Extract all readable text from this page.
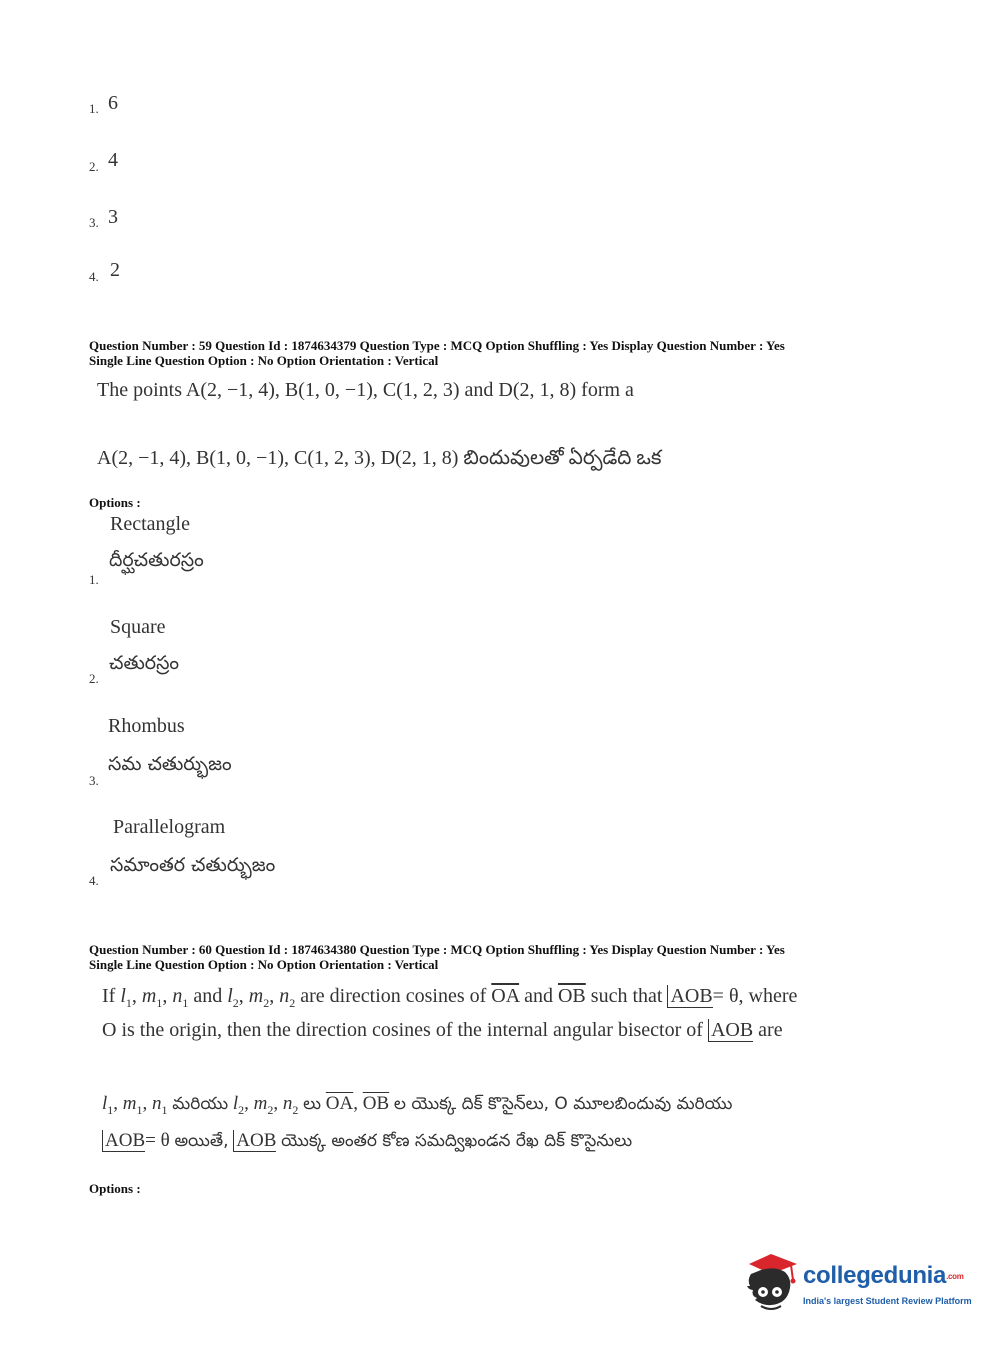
1. 6
2. 4
3. 3
4. 2
Question Number : 59 Question Id : 1874634379 Question Type : MCQ Option Shuffling : Yes Display Question Number : Yes
Single Line Question Option : No Option Orientation : Vertical
The points A(2, −1, 4), B(1, 0, −1), C(1, 2, 3) and D(2, 1, 8) form a
A(2, −1, 4), B(1, 0, −1), C(1, 2, 3), D(2, 1, 8) బిందువులతో ఏర్పడేది ఒక
Options :
Rectangle
దీర్ఘచతురస్రం
1.
Square
చతురస్రం
2.
Rhombus
సమ చతుర్భుజం
3.
Parallelogram
సమాంతర చతుర్భుజం
4.
Question Number : 60 Question Id : 1874634380 Question Type : MCQ Option Shuffling : Yes Display Question Number : Yes
Single Line Question Option : No Option Orientation : Vertical
If $l_1$, $m_1$, $n_1$ and $l_2$, $m_2$, $n_2$ are direction cosines of $\overline{OA}$ and $\overline{OB}$ such that AOB= θ, where
O is the origin, then the direction cosines of the internal angular bisector of AOB are
$l_1$, $m_1$, $n_1$ మరియు $l_2$, $m_2$, $n_2$ లు $\overline{OA}$, $\overline{OB}$ ల యొక్క దిక్ కొసైన్‌లు, O మూలబిందువు మరియు
AOB= θ అయితే, AOB యొక్క అంతర కోణ సమద్విఖండన రేఖ దిక్ కొసైనులు
Options :
collegedunia.com
India's largest Student Review Platform
